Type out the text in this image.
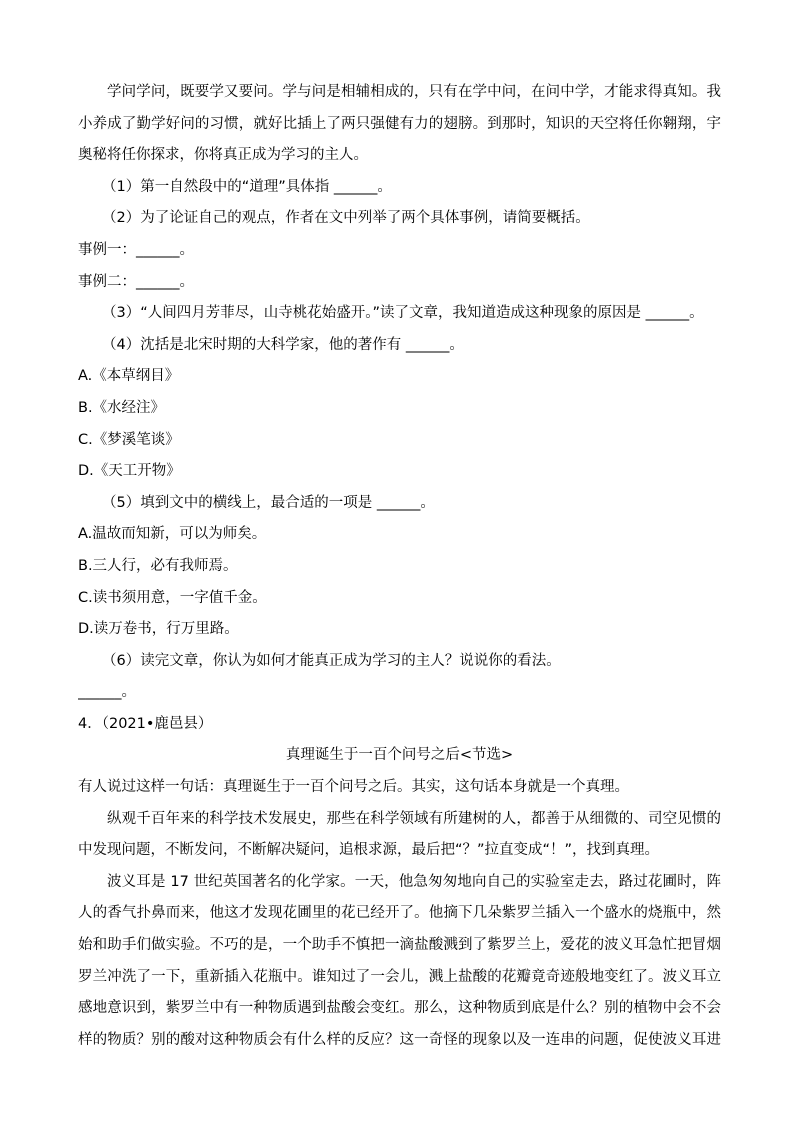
学问学问，既要学又要问。学与问是相辅相成的，只有在学中问，在问中学，才能求得真知。我
小养成了勤学好问的习惯，就好比插上了两只强健有力的翅膀。到那时，知识的天空将任你翱翔，宇
奥秘将任你探求，你将真正成为学习的主人。
（1）第一自然段中的“道理”具体指 ______。
（2）为了论证自己的观点，作者在文中列举了两个具体事例，请简要概括。
事例一：______。
事例二：______。
（3）“人间四月芳菲尽，山寺桃花始盛开。”读了文章，我知道造成这种现象的原因是 ______。
（4）沈括是北宋时期的大科学家，他的著作有 ______。
A.《本草纲目》
B.《水经注》
C.《梦溪笔谈》
D.《天工开物》
（5）填到文中的横线上，最合适的一项是 ______。
A.温故而知新，可以为师矣。
B.三人行，必有我师焉。
C.读书须用意，一字值千金。
D.读万卷书，行万里路。
（6）读完文章，你认为如何才能真正成为学习的主人？说说你的看法。
______。
4．（2021•鹿邑县）
真理诞生于一百个问号之后<节选>
有人说过这样一句话：真理诞生于一百个问号之后。其实，这句话本身就是一个真理。
纵观千百年来的科学技术发展史，那些在科学领域有所建树的人，都善于从细微的、司空见惯的
中发现问题，不断发问，不断解决疑问，追根求源，最后把“？”拉直变成“！”，找到真理。
波义耳是 17 世纪英国著名的化学家。一天，他急匆匆地向自己的实验室走去，路过花圃时，阵
人的香气扑鼻而来，他这才发现花圃里的花已经开了。他摘下几朵紫罗兰插入一个盛水的烧瓶中，然
始和助手们做实验。不巧的是，一个助手不慎把一滴盐酸溅到了紫罗兰上，爱花的波义耳急忙把冒烟
罗兰冲洗了一下，重新插入花瓶中。谁知过了一会儿，溅上盐酸的花瓣竟奇迹般地变红了。波义耳立
感地意识到，紫罗兰中有一种物质遇到盐酸会变红。那么，这种物质到底是什么？别的植物中会不会
样的物质？别的酸对这种物质会有什么样的反应？这一奇怪的现象以及一连串的问题，促使波义耳进
